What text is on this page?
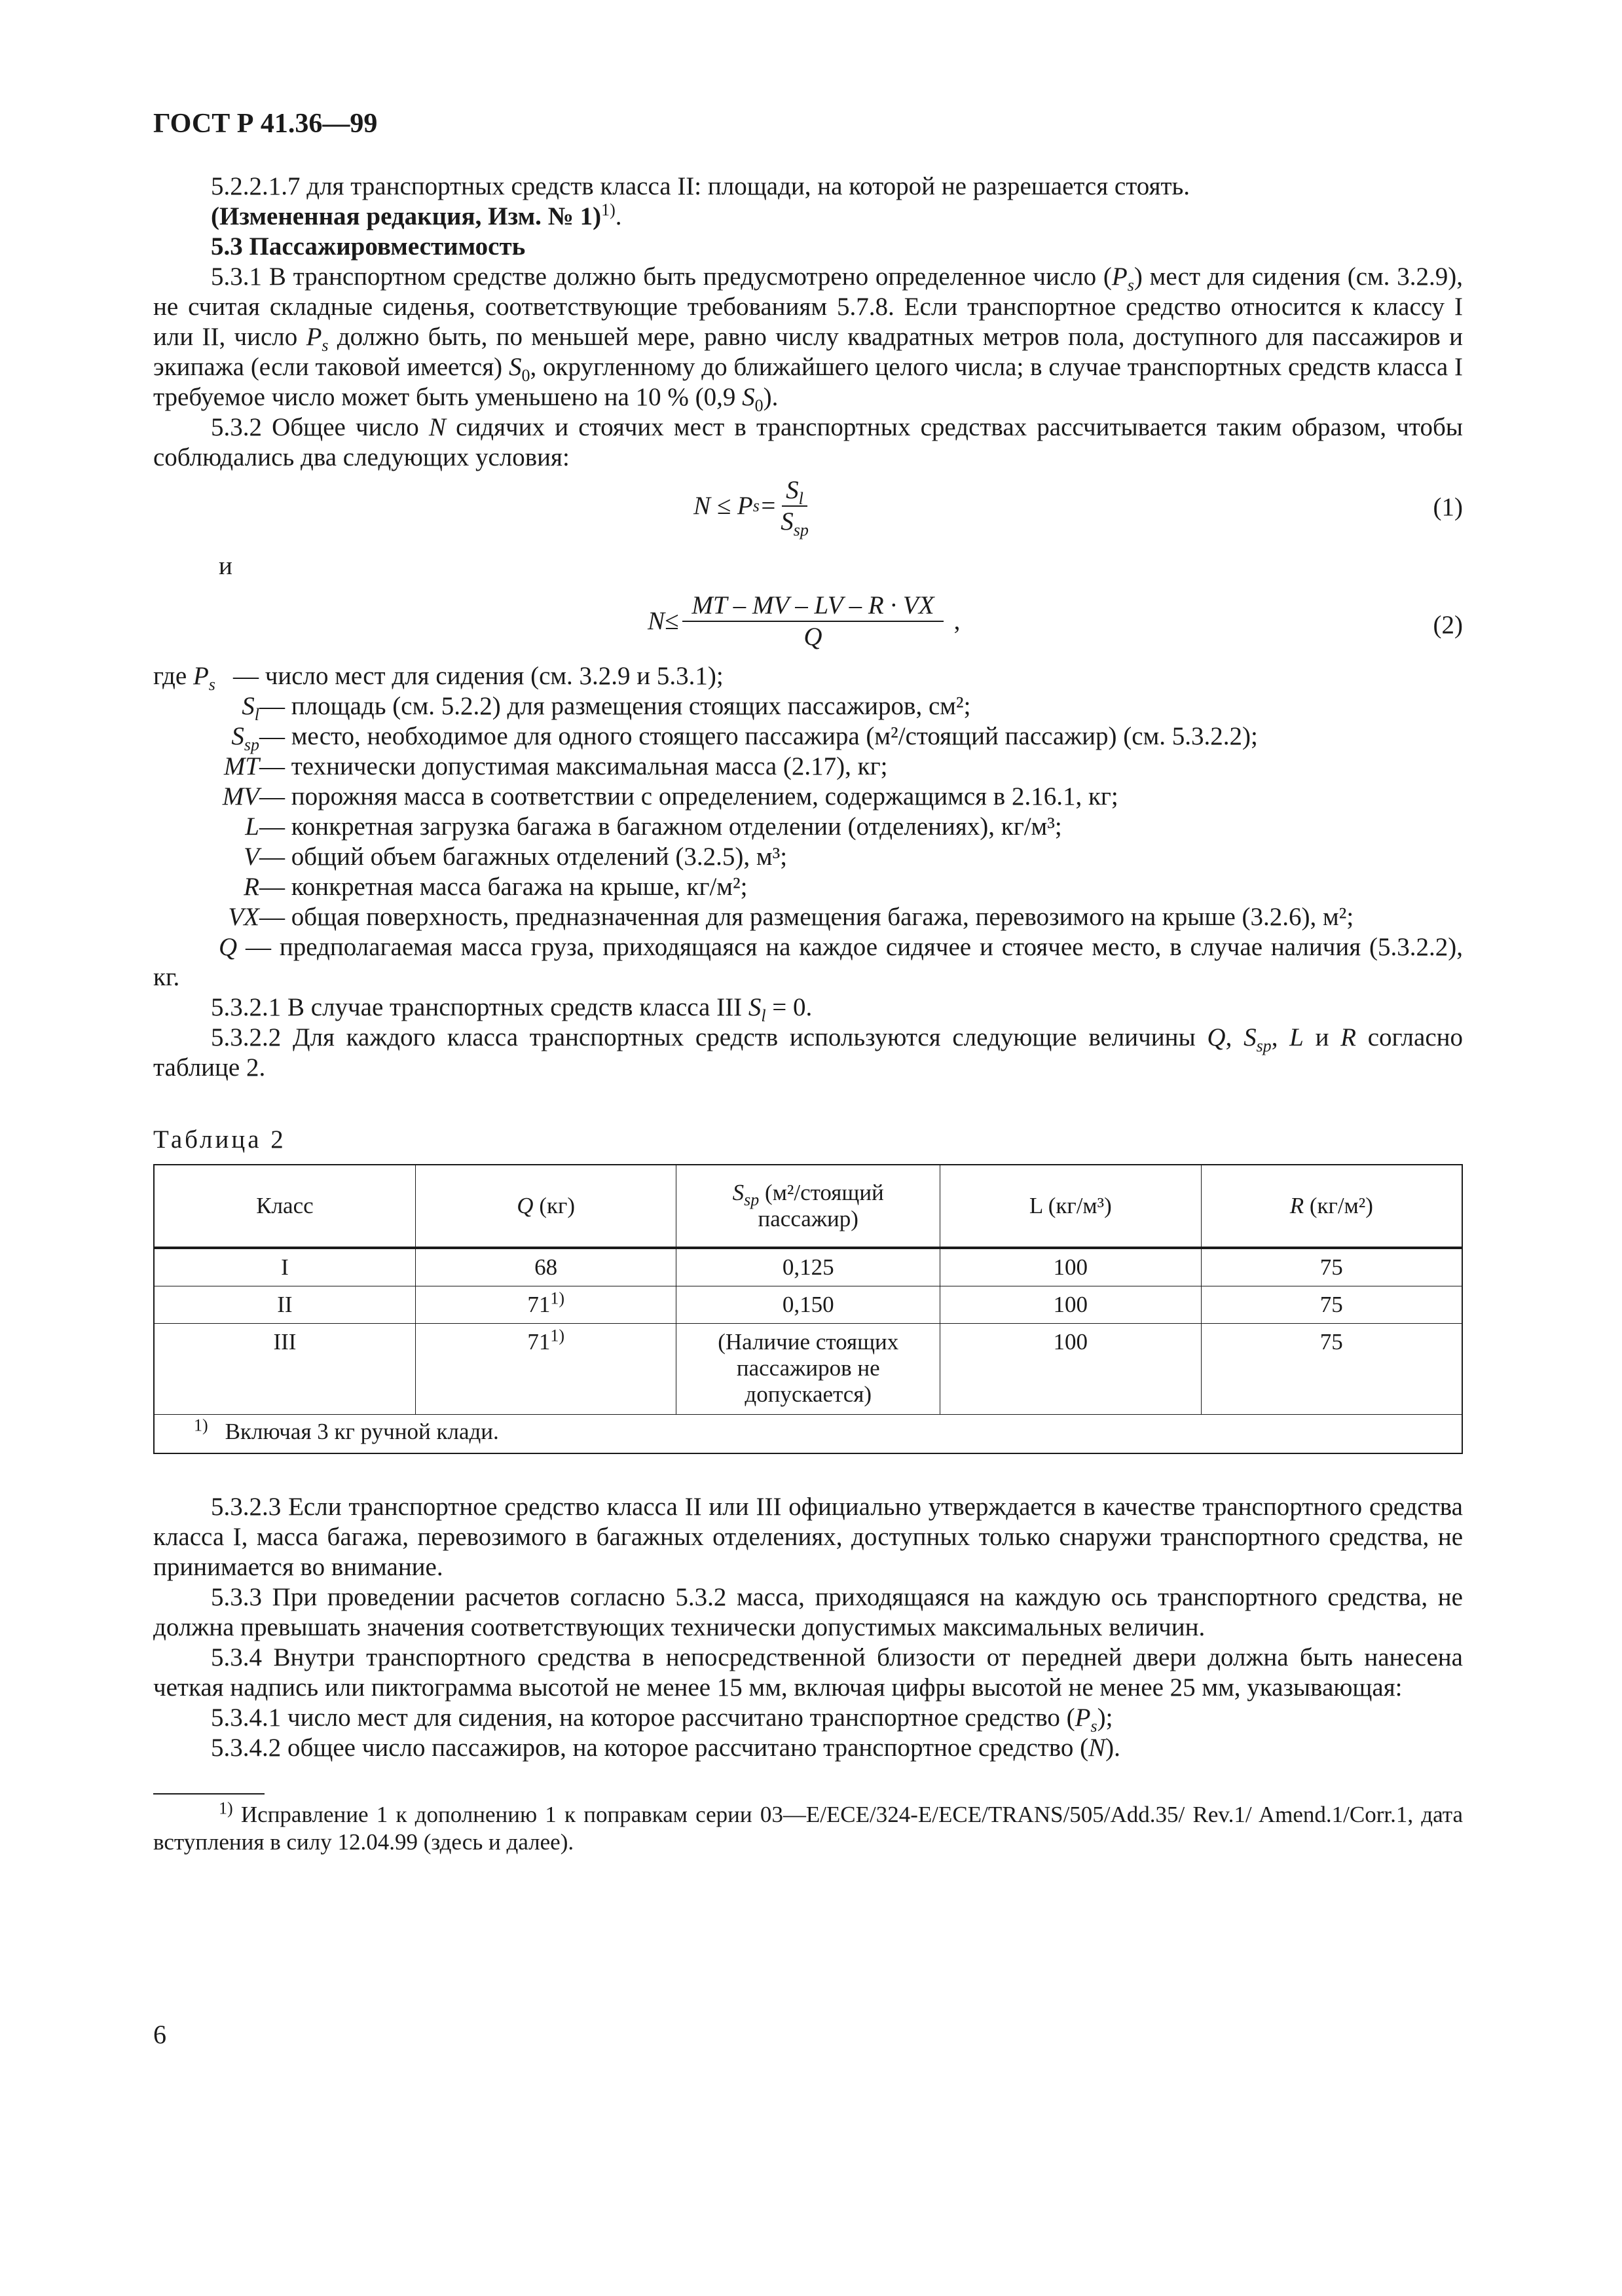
ГОСТ Р 41.36—99

5.2.2.1.7 для транспортных средств класса II: площади, на которой не разрешается стоять.

(Измененная редакция, Изм. № 1)$^{1)}$.

5.3 Пассажировместимость

5.3.1 В транспортном средстве должно быть предусмотрено определенное число $(P_s)$ мест для сидения (см. 3.2.9), не считая складные сиденья, соответствующие требованиям 5.7.8. Если транспортное средство относится к классу I или II, число $P_s$ должно быть, по меньшей мере, равно числу квадратных метров пола, доступного для пассажиров и экипажа (если таковой имеется) $S_0$, округленному до ближайшего целого числа; в случае транспортных средств класса I требуемое число может быть уменьшено на 10 % (0,9 $S_0$).

5.3.2 Общее число N сидячих и стоячих мест в транспортных средствах рассчитывается таким образом, чтобы соблюдались два следующих условия:

N ≤ P $s = \frac{S_l}{S_{sp}}$	(1)
и
$N\le \frac{MT - MV - LV - R \cdot VX}{Q}$ ,	(2)
где $P_s$ — число мест для сидения (см. 3.2.9 и 5.3.1);
$S_l$ — площадь (см. 5.2.2) для размещения стоящих пассажиров, см²;
$S_{sp}$ — место, необходимое для одного стоящего пассажира (м²/стоящий пассажир) (см. 5.3.2.2);
MT — технически допустимая максимальная масса (2.17), кг;
MV — порожняя масса в соответствии с определением, содержащимся в 2.16.1, кг;
L — конкретная загрузка багажа в багажном отделении (отделениях), кг/м³;
V — общий объем багажных отделений (3.2.5), м³;
R — конкретная масса багажа на крыше, кг/м²;
VX — общая поверхность, предназначенная для размещения багажа, перевозимого на крыше (3.2.6), м²;

Q — предполагаемая масса груза, приходящаяся на каждое сидячее и стоячее место, в случае наличия (5.3.2.2), кг.

5.3.2.1 В случае транспортных средств класса III $S_l = 0$.

5.3.2.2 Для каждого класса транспортных средств используются следующие величины Q, $S_{sp}$, L и R согласно таблице 2.

Таблица 2
Класс	Q (кг)	$S_{sp}$ (м²/стоящий пассажир)	L (кг/м³)	R (кг/м²)
I	68	0,125	100	75
II	71$^{1)}$	0,150	100	75
III	71$^{1)}$	(Наличие стоящих пассажиров не допускается)	100	75
$^{1)}$ Включая 3 кг ручной клади.				

5.3.2.3 Если транспортное средство класса II или III официально утверждается в качестве транспортного средства класса I, масса багажа, перевозимого в багажных отделениях, доступных только снаружи транспортного средства, не принимается во внимание.

5.3.3 При проведении расчетов согласно 5.3.2 масса, приходящаяся на каждую ось транспортного средства, не должна превышать значения соответствующих технически допустимых максимальных величин.

5.3.4 Внутри транспортного средства в непосредственной близости от передней двери должна быть нанесена четкая надпись или пиктограмма высотой не менее 15 мм, включая цифры высотой не менее 25 мм, указывающая:

5.3.4.1 число мест для сидения, на которое рассчитано транспортное средство $(P_s)$;

5.3.4.2 общее число пассажиров, на которое рассчитано транспортное средство (N).

$^{1)}$ Исправление 1 к дополнению 1 к поправкам серии 03—E/ECE/324-E/ECE/TRANS/505/Add.35/ Rev.1/ Amend.1/Corr.1, дата вступления в силу 12.04.99 (здесь и далее).

6
